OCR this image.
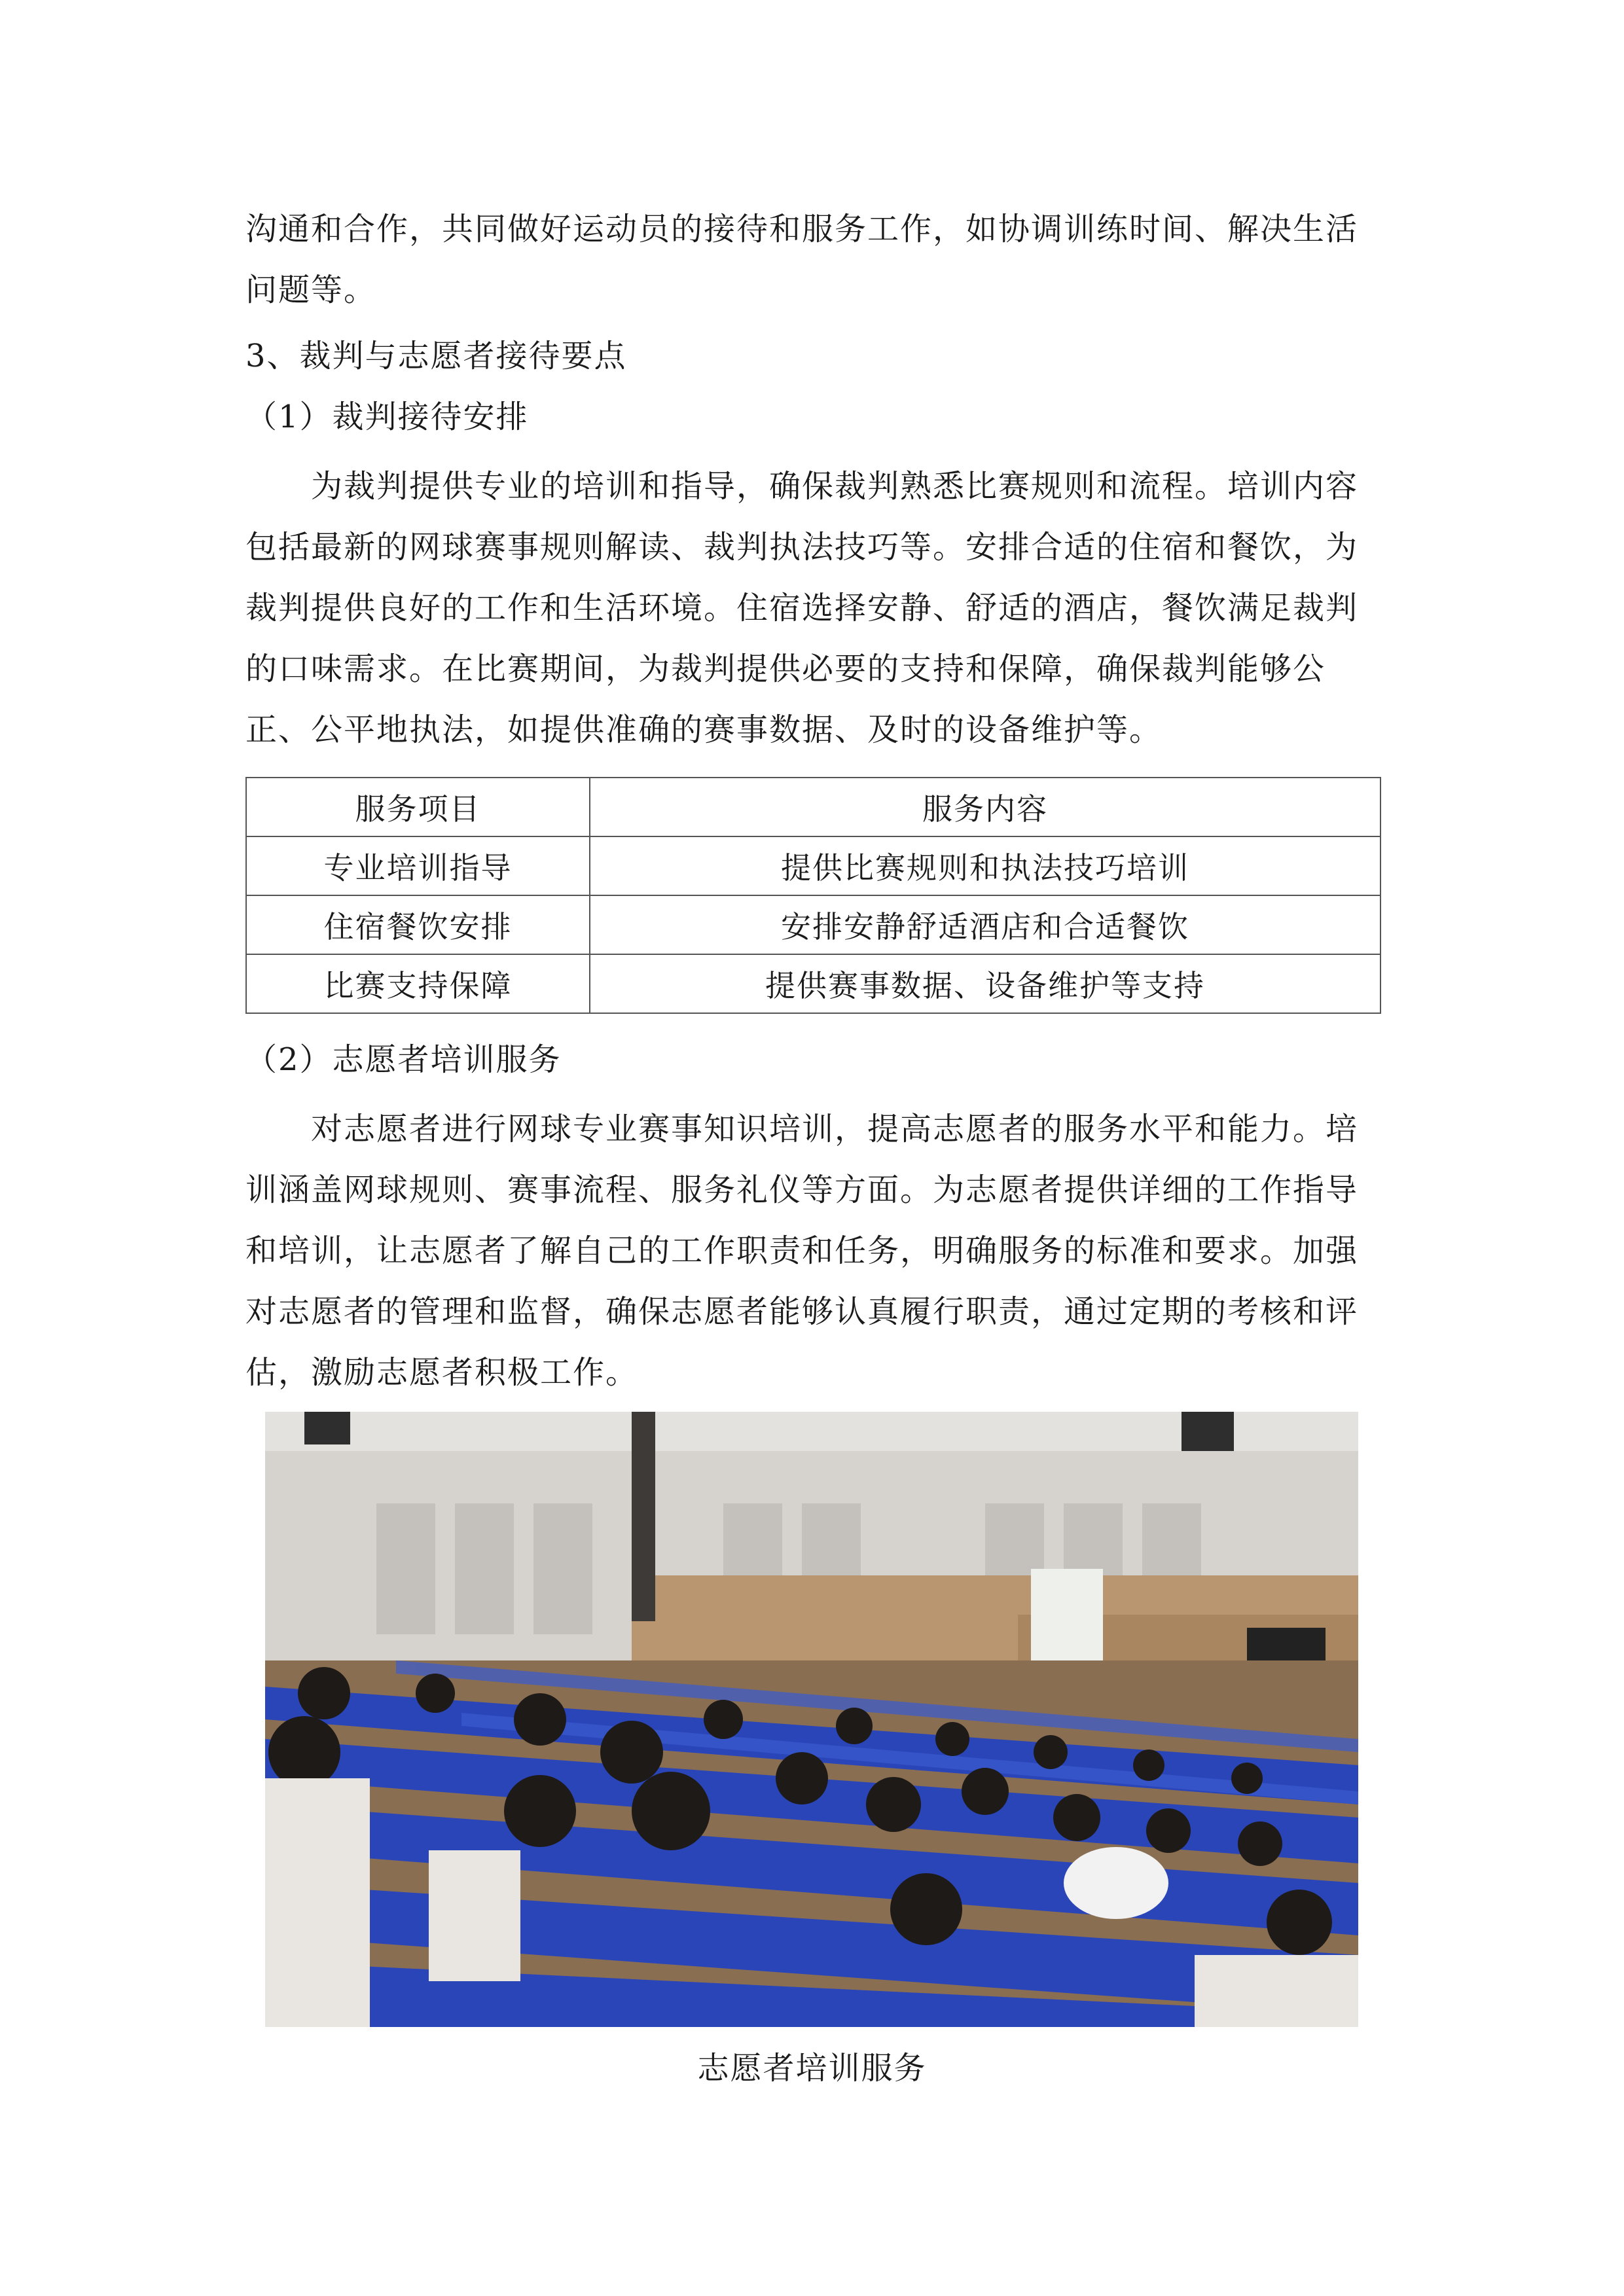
沟通和合作，共同做好运动员的接待和服务工作，如协调训练时间、解决生活
问题等。
3、裁判与志愿者接待要点
（1）裁判接待安排
为裁判提供专业的培训和指导，确保裁判熟悉比赛规则和流程。培训内容
包括最新的网球赛事规则解读、裁判执法技巧等。安排合适的住宿和餐饮，为
裁判提供良好的工作和生活环境。住宿选择安静、舒适的酒店，餐饮满足裁判
的口味需求。在比赛期间，为裁判提供必要的支持和保障，确保裁判能够公
正、公平地执法，如提供准确的赛事数据、及时的设备维护等。
服务项目	服务内容
专业培训指导	提供比赛规则和执法技巧培训
住宿餐饮安排	安排安静舒适酒店和合适餐饮
比赛支持保障	提供赛事数据、设备维护等支持
（2）志愿者培训服务
对志愿者进行网球专业赛事知识培训，提高志愿者的服务水平和能力。培
训涵盖网球规则、赛事流程、服务礼仪等方面。为志愿者提供详细的工作指导
和培训，让志愿者了解自己的工作职责和任务，明确服务的标准和要求。加强
对志愿者的管理和监督，确保志愿者能够认真履行职责，通过定期的考核和评
估，激励志愿者积极工作。
志愿者培训服务
